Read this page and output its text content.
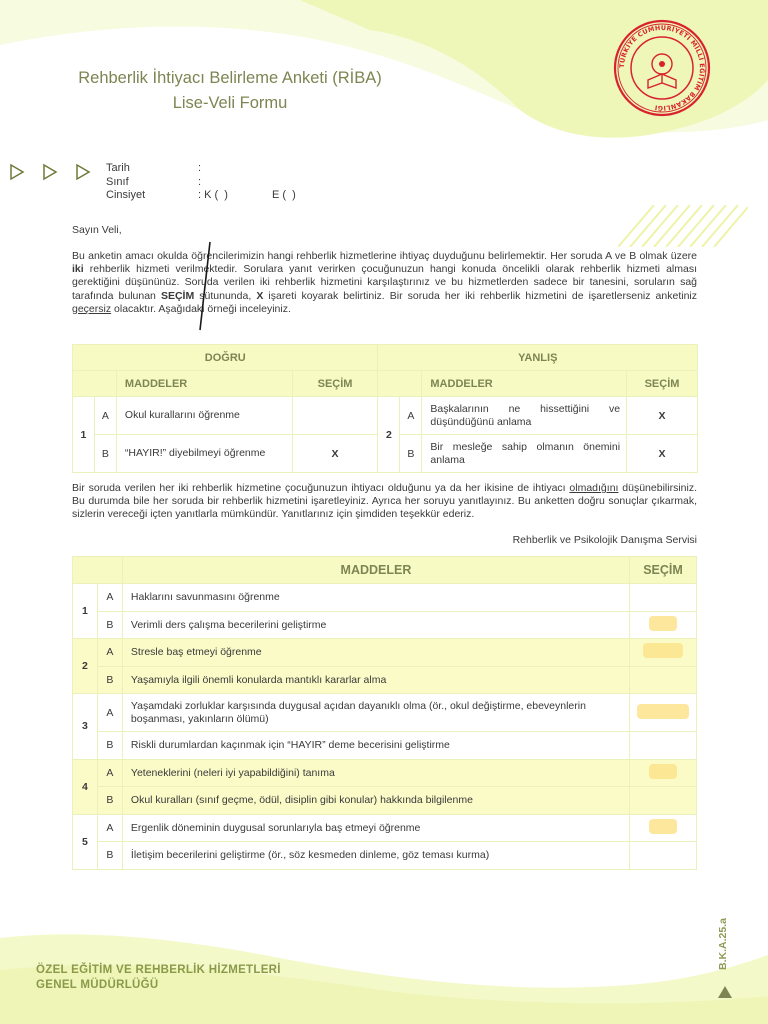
Rehberlik İhtiyacı Belirleme Anketi (RİBA)
Lise-Veli Formu
TÜRKİYE CUMHURİYETİ MİLLİ EĞİTİM BAKANLIĞI
Tarih	:
Sınıf	:
Cinsiyet	: K (  )	E (  )
Sayın Veli,
Bu anketin amacı okulda öğrencilerimizin hangi rehberlik hizmetlerine ihtiyaç duyduğunu belirlemektir. Her soruda A ve B olmak üzere iki rehberlik hizmeti verilmektedir. Sorulara yanıt verirken çocuğunuzun hangi konuda öncelikli olarak rehberlik hizmeti alması gerektiğini düşününüz. Soruda verilen iki rehberlik hizmetini karşılaştırınız ve bu hizmetlerden sadece bir tanesini, soruların sağ tarafında bulunan SEÇİM sütununda, X işareti koyarak belirtiniz. Bir soruda her iki rehberlik hizmetini de işaretlerseniz anketiniz geçersiz olacaktır. Aşağıdaki örneği inceleyiniz.
DOĞRU				YANLIŞ			
		MADDELER	SEÇİM			MADDELER	SEÇİM
1	A	Okul kurallarını öğrenme		2	A	Başkalarının ne hissettiğini ve düşündüğünü anlama	X
	B	“HAYIR!” diyebilmeyi öğrenme	X		B	Bir mesleğe sahip olmanın önemini anlama	X
Bir soruda verilen her iki rehberlik hizmetine çocuğunuzun ihtiyacı olduğunu ya da her ikisine de ihtiyacı olmadığını düşünebilirsiniz. Bu durumda bile her soruda bir rehberlik hizmetini işaretleyiniz. Ayrıca her soruyu yanıtlayınız. Bu anketten doğru sonuçlar çıkarmak, sizlerin vereceği içten yanıtlarla mümkündür. Yanıtlarınız için şimdiden teşekkür ederiz.
Rehberlik ve Psikolojik Danışma Servisi
		MADDELER	SEÇİM
1	A	Haklarını savunmasını öğrenme	
	B	Verimli ders çalışma becerilerini geliştirme	
2	A	Stresle baş etmeyi öğrenme	
	B	Yaşamıyla ilgili önemli konularda mantıklı kararlar alma	
3	A	Yaşamdaki zorluklar karşısında duygusal açıdan dayanıklı olma (ör., okul değiştirme, ebeveynlerin boşanması, yakınların ölümü)	
	B	Riskli durumlardan kaçınmak için “HAYIR” deme becerisini geliştirme	
4	A	Yeteneklerini (neleri iyi yapabildiğini) tanıma	
	B	Okul kuralları (sınıf geçme, ödül, disiplin gibi konular) hakkında bilgilenme	
5	A	Ergenlik döneminin duygusal sorunlarıyla baş etmeyi öğrenme	
	B	İletişim becerilerini geliştirme (ör., söz kesmeden dinleme, göz teması kurma)	
ÖZEL EĞİTİM VE REHBERLİK HİZMETLERİ
GENEL MÜDÜRLÜĞÜ
B.K.A.25.a
